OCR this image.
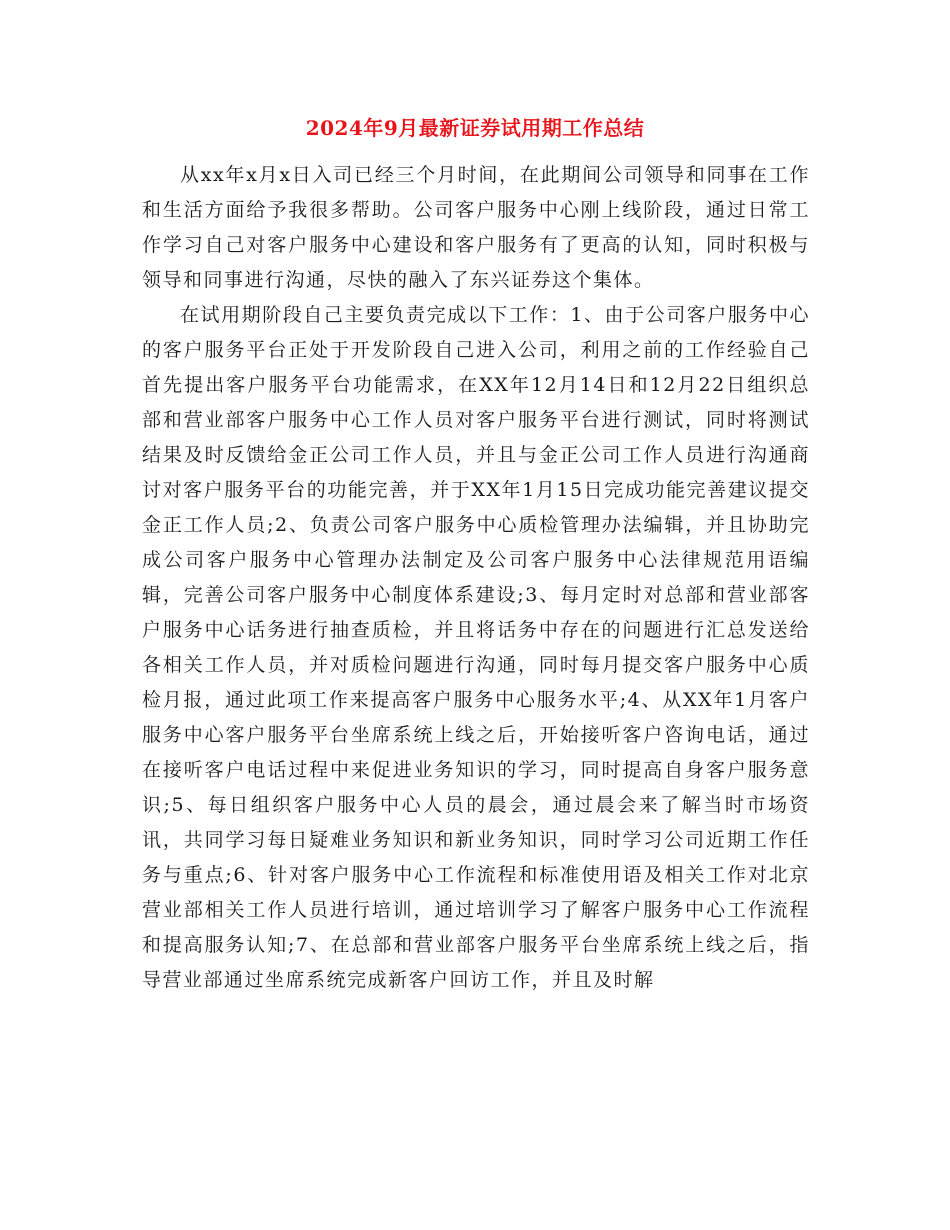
2024年9月最新证券试用期工作总结

从xx年x月x日入司已经三个月时间，在此期间公司领导和同事在工作和生活方面给予我很多帮助。公司客户服务中心刚上线阶段，通过日常工作学习自己对客户服务中心建设和客户服务有了更高的认知，同时积极与领导和同事进行沟通，尽快的融入了东兴证券这个集体。

在试用期阶段自己主要负责完成以下工作：1、由于公司客户服务中心的客户服务平台正处于开发阶段自己进入公司，利用之前的工作经验自己首先提出客户服务平台功能需求，在XX年12月14日和12月22日组织总部和营业部客户服务中心工作人员对客户服务平台进行测试，同时将测试结果及时反馈给金正公司工作人员，并且与金正公司工作人员进行沟通商讨对客户服务平台的功能完善，并于XX年1月15日完成功能完善建议提交金正工作人员;2、负责公司客户服务中心质检管理办法编辑，并且协助完成公司客户服务中心管理办法制定及公司客户服务中心法律规范用语编辑，完善公司客户服务中心制度体系建设;3、每月定时对总部和营业部客户服务中心话务进行抽查质检，并且将话务中存在的问题进行汇总发送给各相关工作人员，并对质检问题进行沟通，同时每月提交客户服务中心质检月报，通过此项工作来提高客户服务中心服务水平;4、从XX年1月客户服务中心客户服务平台坐席系统上线之后，开始接听客户咨询电话，通过在接听客户电话过程中来促进业务知识的学习，同时提高自身客户服务意识;5、每日组织客户服务中心人员的晨会，通过晨会来了解当时市场资讯，共同学习每日疑难业务知识和新业务知识，同时学习公司近期工作任务与重点;6、针对客户服务中心工作流程和标准使用语及相关工作对北京营业部相关工作人员进行培训，通过培训学习了解客户服务中心工作流程和提高服务认知;7、在总部和营业部客户服务平台坐席系统上线之后，指导营业部通过坐席系统完成新客户回访工作，并且及时解
